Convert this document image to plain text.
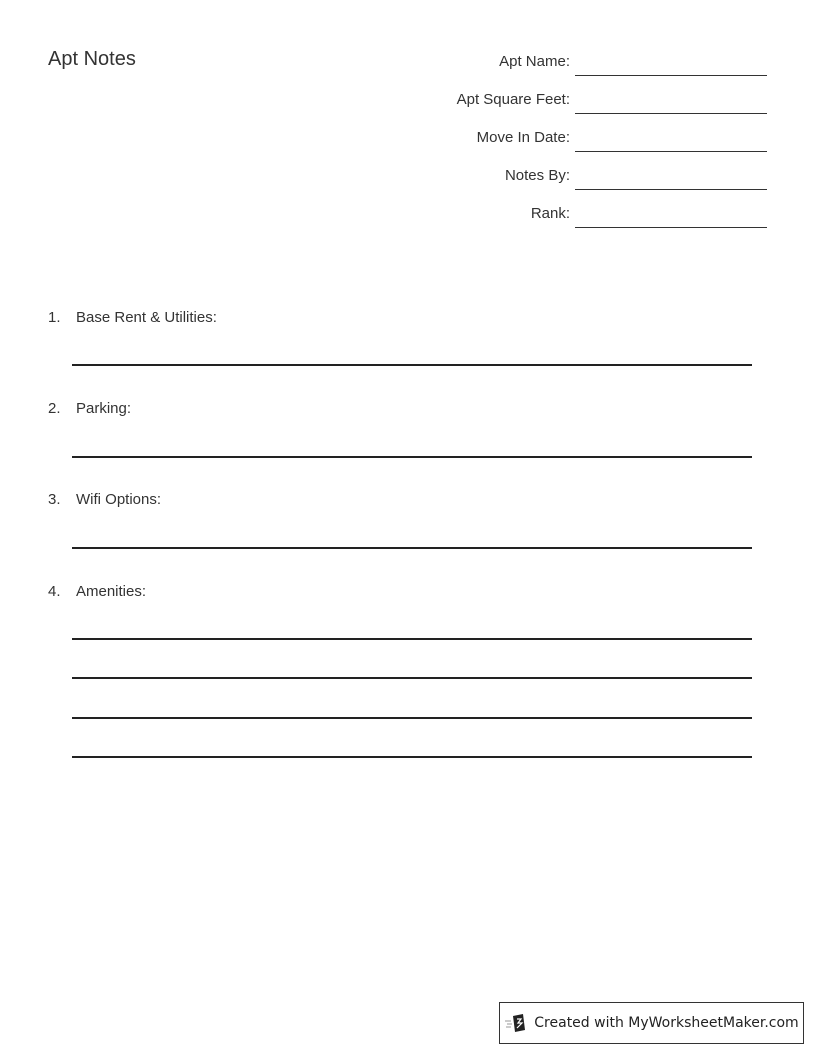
Apt Notes	Apt Name:
Apt Square Feet:
Move In Date:
Notes By:
Rank:
1. Base Rent & Utilities:
2. Parking:
3. Wifi Options:
4. Amenities:
Created with MyWorksheetMaker.com
